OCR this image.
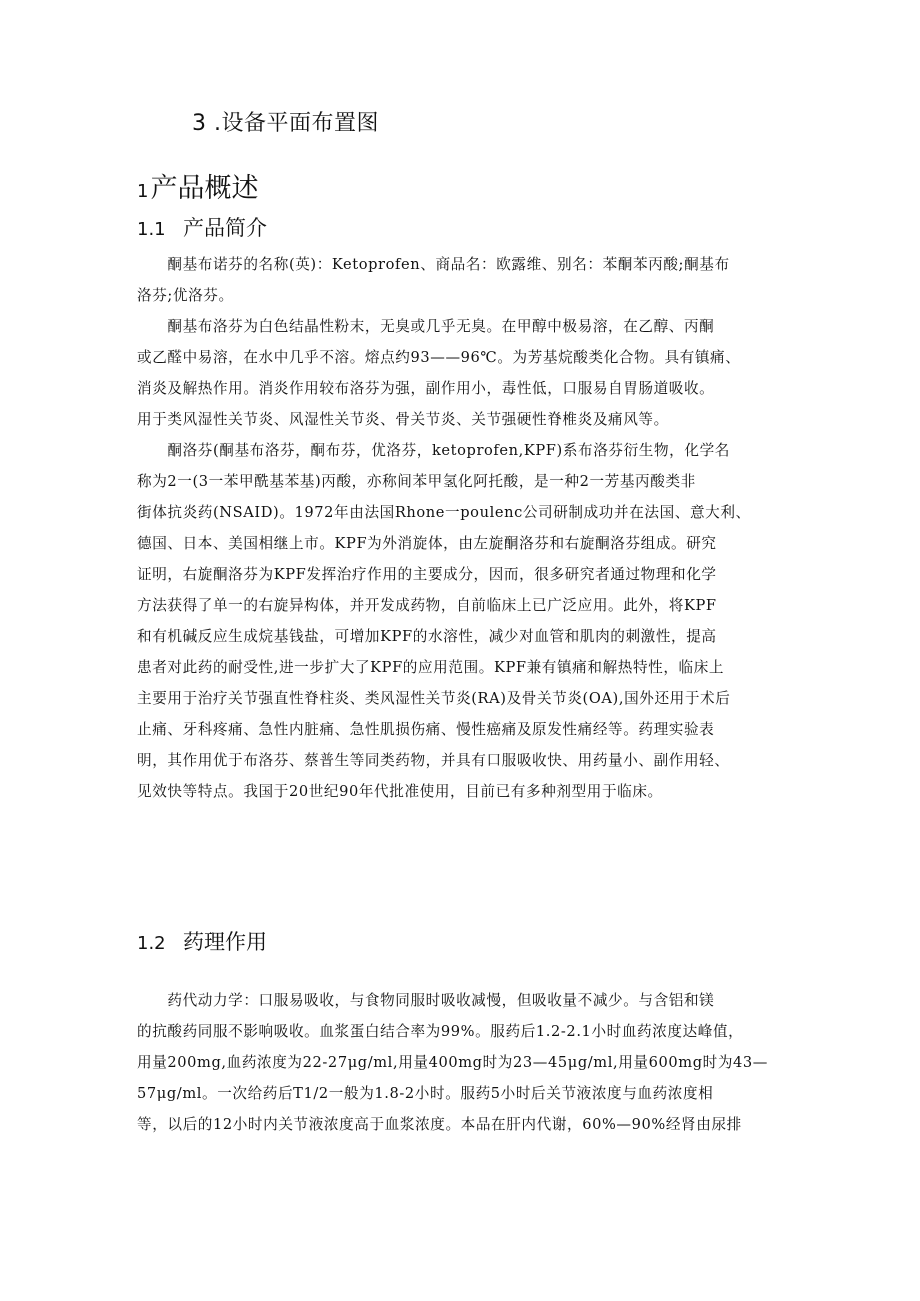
3 .设备平面布置图
1产品概述
1.1 产品简介
　　酮基布诺芬的名称(英)：Ketoprofen、商品名：欧露维、别名：苯酮苯丙酸;酮基布
洛芬;优洛芬。
　　酮基布洛芬为白色结晶性粉末，无臭或几乎无臭。在甲醇中极易溶，在乙醇、丙酮
或乙醛中易溶，在水中几乎不溶。熔点约93——96℃。为芳基烷酸类化合物。具有镇痛、
消炎及解热作用。消炎作用较布洛芬为强，副作用小，毒性低，口服易自胃肠道吸收。
用于类风湿性关节炎、风湿性关节炎、骨关节炎、关节强硬性脊椎炎及痛风等。
　　酮洛芬(酮基布洛芬，酮布芬，优洛芬，ketoprofen,KPF)系布洛芬衍生物，化学名
称为2一(3一苯甲酰基苯基)丙酸，亦称间苯甲氢化阿托酸，是一种2一芳基丙酸类非
街体抗炎药(NSAID)。1972年由法国Rhone一poulenc公司研制成功并在法国、意大利、
德国、日本、美国相继上市。KPF为外消旋体，由左旋酮洛芬和右旋酮洛芬组成。研究
证明，右旋酮洛芬为KPF发挥治疗作用的主要成分，因而，很多研究者通过物理和化学
方法获得了单一的右旋异构体，并开发成药物，自前临床上已广泛应用。此外，将KPF
和有机碱反应生成烷基钱盐，可增加KPF的水溶性，减少对血管和肌肉的刺激性，提高
患者对此药的耐受性,进一步扩大了KPF的应用范围。KPF兼有镇痛和解热特性，临床上
主要用于治疗关节强直性脊柱炎、类风湿性关节炎(RA)及骨关节炎(OA),国外还用于术后
止痛、牙科疼痛、急性内脏痛、急性肌损伤痛、慢性癌痛及原发性痛经等。药理实验表
明，其作用优于布洛芬、蔡普生等同类药物，并具有口服吸收快、用药量小、副作用轻、
见效快等特点。我国于20世纪90年代批准使用，目前已有多种剂型用于临床。
1.2 药理作用
　　药代动力学：口服易吸收，与食物同服时吸收减慢，但吸收量不减少。与含铝和镁
的抗酸药同服不影响吸收。血浆蛋白结合率为99%。服药后1.2-2.1小时血药浓度达峰值，
用量200mg,血药浓度为22-27μg/ml,用量400mg时为23—45μg/ml,用量600mg时为43—
57μg/ml。一次给药后T1/2一般为1.8-2小时。服药5小时后关节液浓度与血药浓度相
等，以后的12小时内关节液浓度高于血浆浓度。本品在肝内代谢，60%—90%经肾由尿排
